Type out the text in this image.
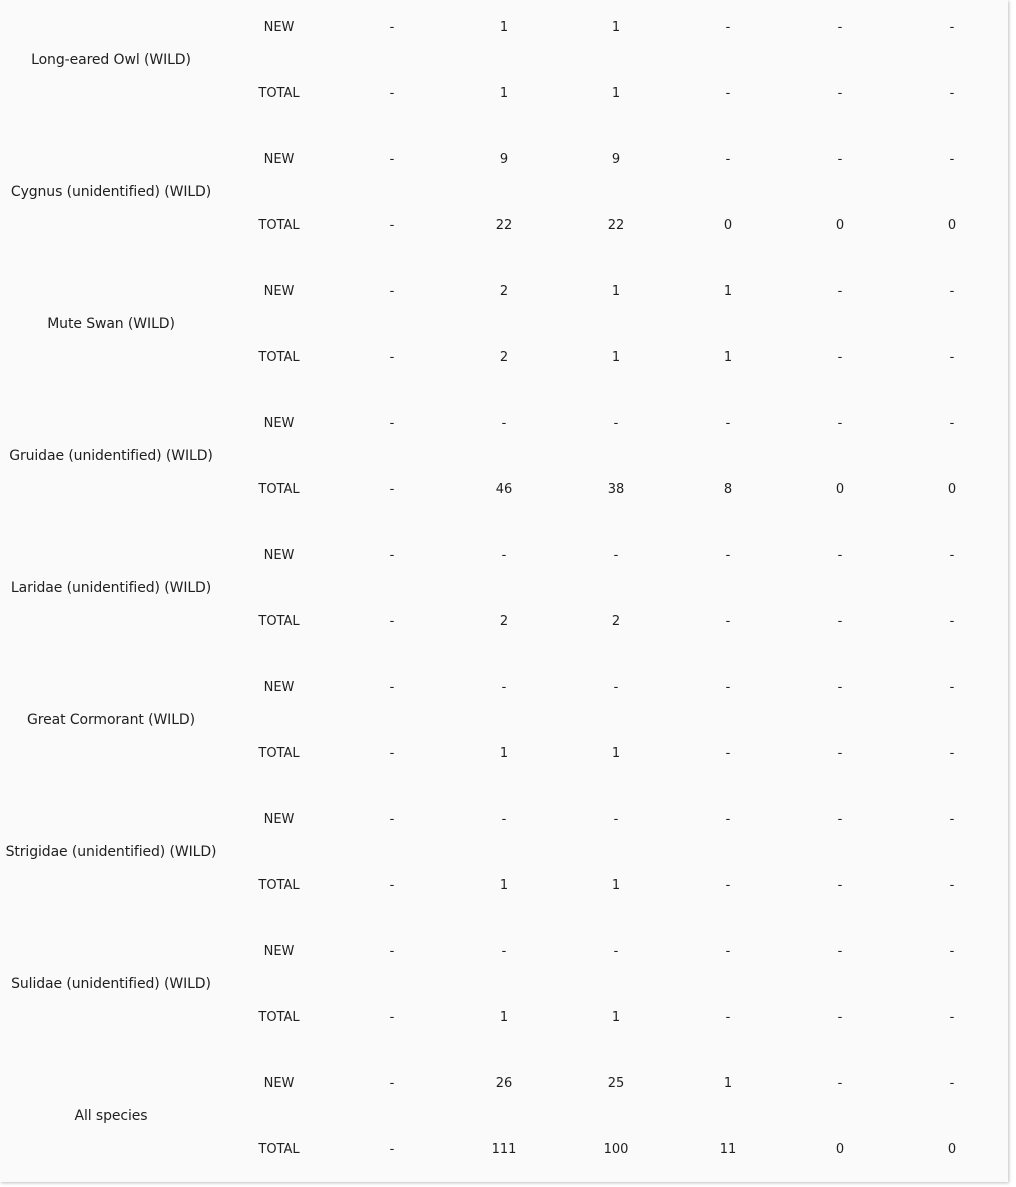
Long-eared Owl (WILD)	NEW	-	1	1	-	-	-
	TOTAL	-	1	1	-	-	-
Cygnus (unidentified) (WILD)	NEW	-	9	9	-	-	-
	TOTAL	-	22	22	0	0	0
Mute Swan (WILD)	NEW	-	2	1	1	-	-
	TOTAL	-	2	1	1	-	-
Gruidae (unidentified) (WILD)	NEW	-	-	-	-	-	-
	TOTAL	-	46	38	8	0	0
Laridae (unidentified) (WILD)	NEW	-	-	-	-	-	-
	TOTAL	-	2	2	-	-	-
Great Cormorant (WILD)	NEW	-	-	-	-	-	-
	TOTAL	-	1	1	-	-	-
Strigidae (unidentified) (WILD)	NEW	-	-	-	-	-	-
	TOTAL	-	1	1	-	-	-
Sulidae (unidentified) (WILD)	NEW	-	-	-	-	-	-
	TOTAL	-	1	1	-	-	-
All species	NEW	-	26	25	1	-	-
	TOTAL	-	111	100	11	0	0
